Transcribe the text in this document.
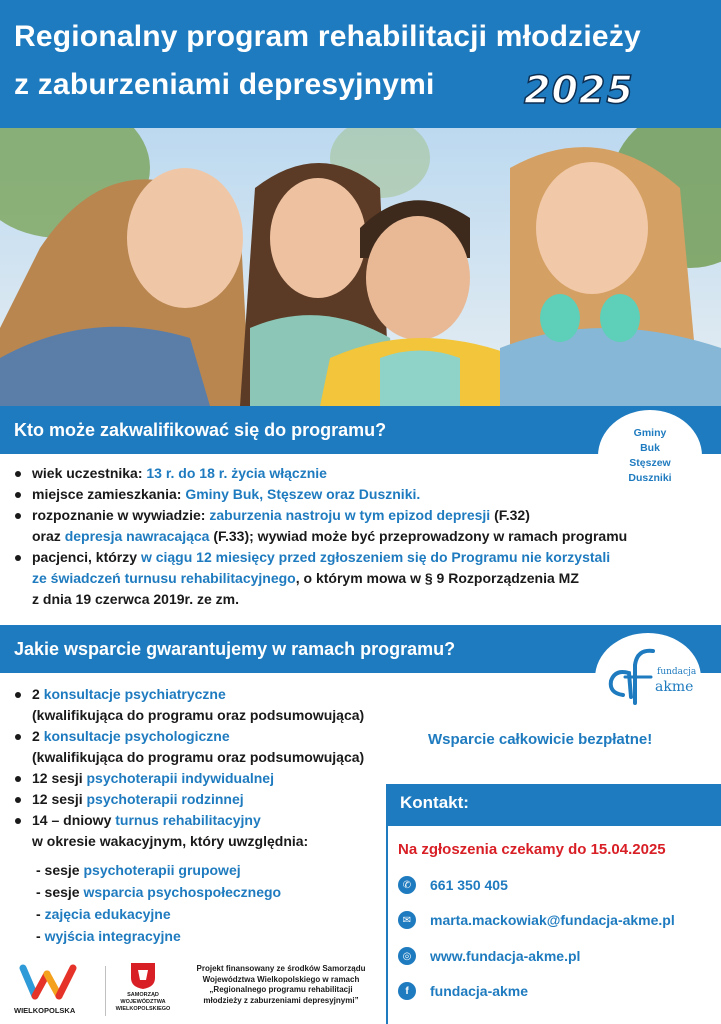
Regionalny program rehabilitacji młodzieży
z zaburzeniami depresyjnymi 2025
Kto może zakwalifikować się do programu?	Gminy
Buk
Stęszew
Duszniki
wiek uczestnika: 13 r. do 18 r. życia włącznie
miejsce zamieszkania: Gminy Buk, Stęszew oraz Duszniki.
rozpoznanie w wywiadzie: zaburzenia nastroju w tym epizod depresji (F.32)
oraz depresja nawracająca (F.33); wywiad może być przeprowadzony w ramach programu
pacjenci, którzy w ciągu 12 miesięcy przed zgłoszeniem się do Programu nie korzystali
ze świadczeń turnusu rehabilitacyjnego, o którym mowa w § 9 Rozporządzenia MZ
z dnia 19 czerwca 2019r. ze zm.
Jakie wsparcie gwarantujemy w ramach programu?
fundacja
akme
2 konsultacje psychiatryczne
(kwalifikująca do programu oraz podsumowująca)
2 konsultacje psychologiczne
(kwalifikująca do programu oraz podsumowująca)
12 sesji psychoterapii indywidualnej
12 sesji psychoterapii rodzinnej
14 – dniowy turnus rehabilitacyjny
w okresie wakacyjnym, który uwzględnia:
- sesje psychoterapii grupowej
- sesje wsparcia psychospołecznego
- zajęcia edukacyjne
- wyjścia integracyjne
Wsparcie całkowicie bezpłatne!
Kontakt:
Na zgłoszenia czekamy do 15.04.2025
✆	661 350 405
✉	marta.mackowiak@fundacja-akme.pl
◎	www.fundacja-akme.pl
f	fundacja-akme
WIELKOPOLSKA
SAMORZĄD
WOJEWÓDZTWA
WIELKOPOLSKIEGO
Projekt finansowany ze środków Samorządu
Województwa Wielkopolskiego w ramach
„Regionalnego programu rehabilitacji
młodzieży z zaburzeniami depresyjnymi”
